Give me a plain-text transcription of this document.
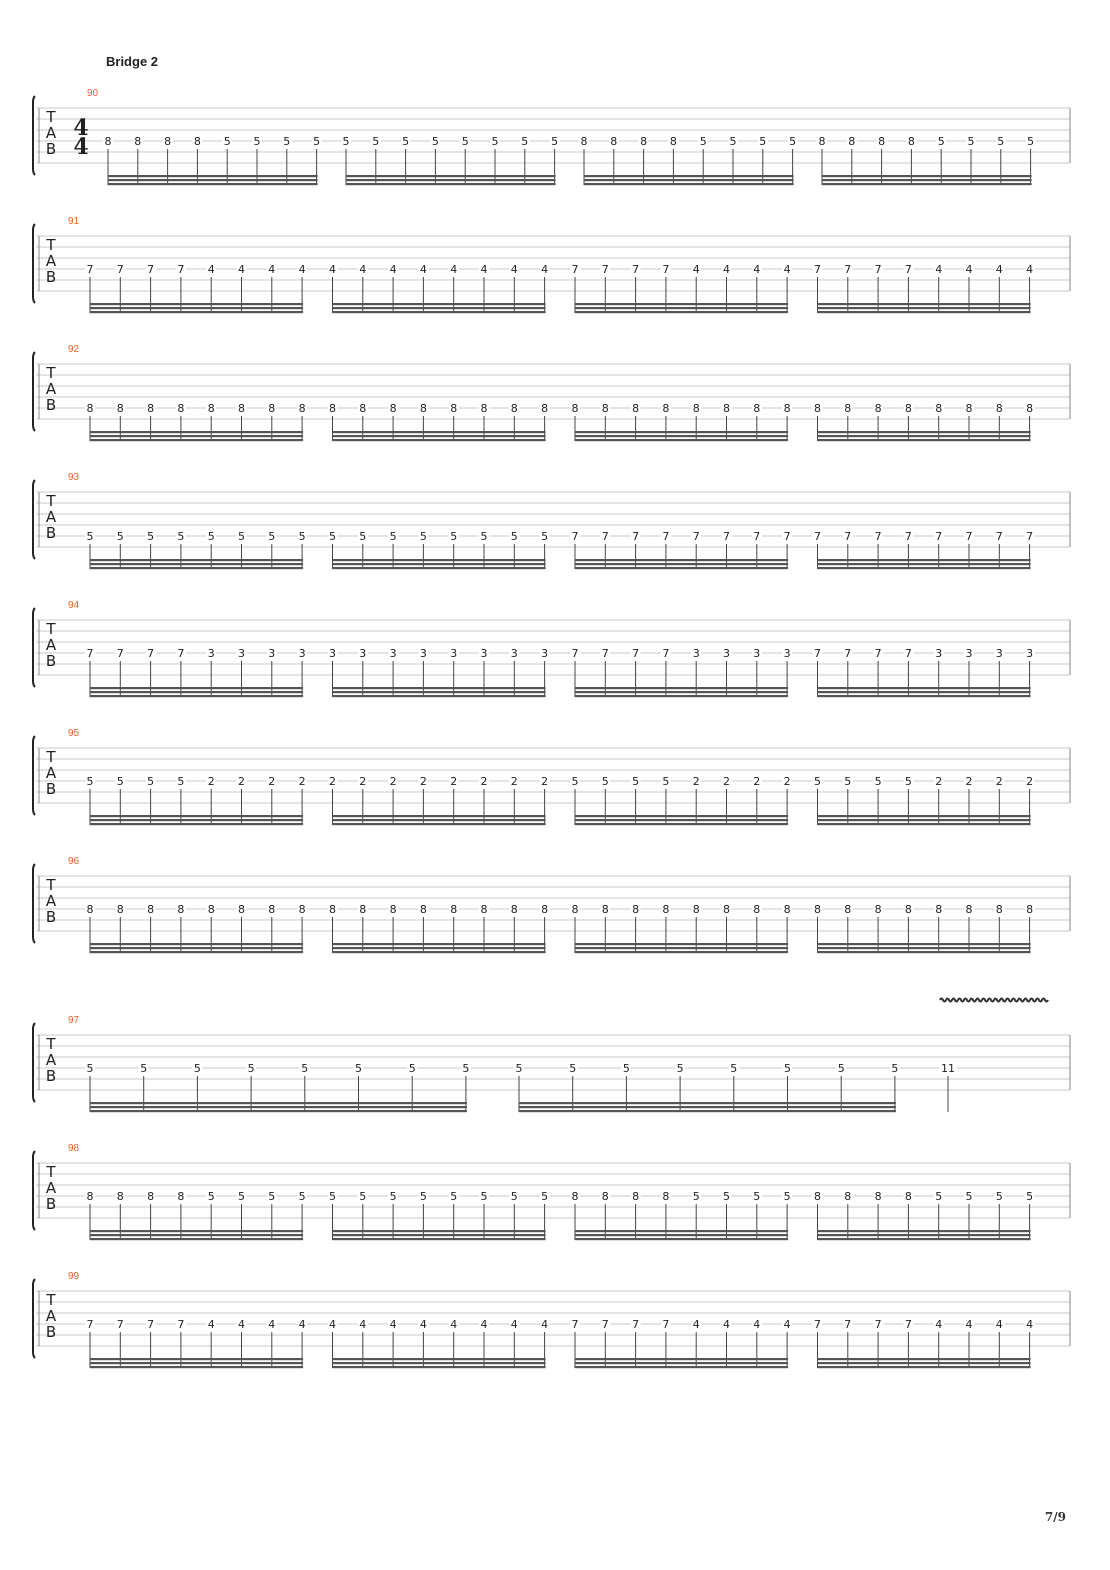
Bridge 2
T
A
B
90
4
4 8 8 8 8 5 5 5 5 5 5 5 5 5 5 5 5 8 8 8 8 5 5 5 5 8 8 8 8 5 5 5 5
T
A
B
91
7 7 7 7 4 4 4 4 4 4 4 4 4 4 4 4 7 7 7 7 4 4 4 4 7 7 7 7 4 4 4 4
T
A
B
92
8 8 8 8 8 8 8 8 8 8 8 8 8 8 8 8 8 8 8 8 8 8 8 8 8 8 8 8 8 8 8 8
T
A
B
93
5 5 5 5 5 5 5 5 5 5 5 5 5 5 5 5 7 7 7 7 7 7 7 7 7 7 7 7 7 7 7 7
T
A
B
94
7 7 7 7 3 3 3 3 3 3 3 3 3 3 3 3 7 7 7 7 3 3 3 3 7 7 7 7 3 3 3 3
T
A
B
95
5 5 5 5 2 2 2 2 2 2 2 2 2 2 2 2 5 5 5 5 2 2 2 2 5 5 5 5 2 2 2 2
T
A
B
96
8 8 8 8 8 8 8 8 8 8 8 8 8 8 8 8 8 8 8 8 8 8 8 8 8 8 8 8 8 8 8 8
T
A
B
97
5	5	5	5	5	5	5	5	5	5	5	5	5	5	5	5	11
T
A
B
98
8 8 8 8 5 5 5 5 5 5 5 5 5 5 5 5 8 8 8 8 5 5 5 5 8 8 8 8 5 5 5 5
T
A
B
99
7 7 7 7 4 4 4 4 4 4 4 4 4 4 4 4 7 7 7 7 4 4 4 4 7 7 7 7 4 4 4 4
7/9
